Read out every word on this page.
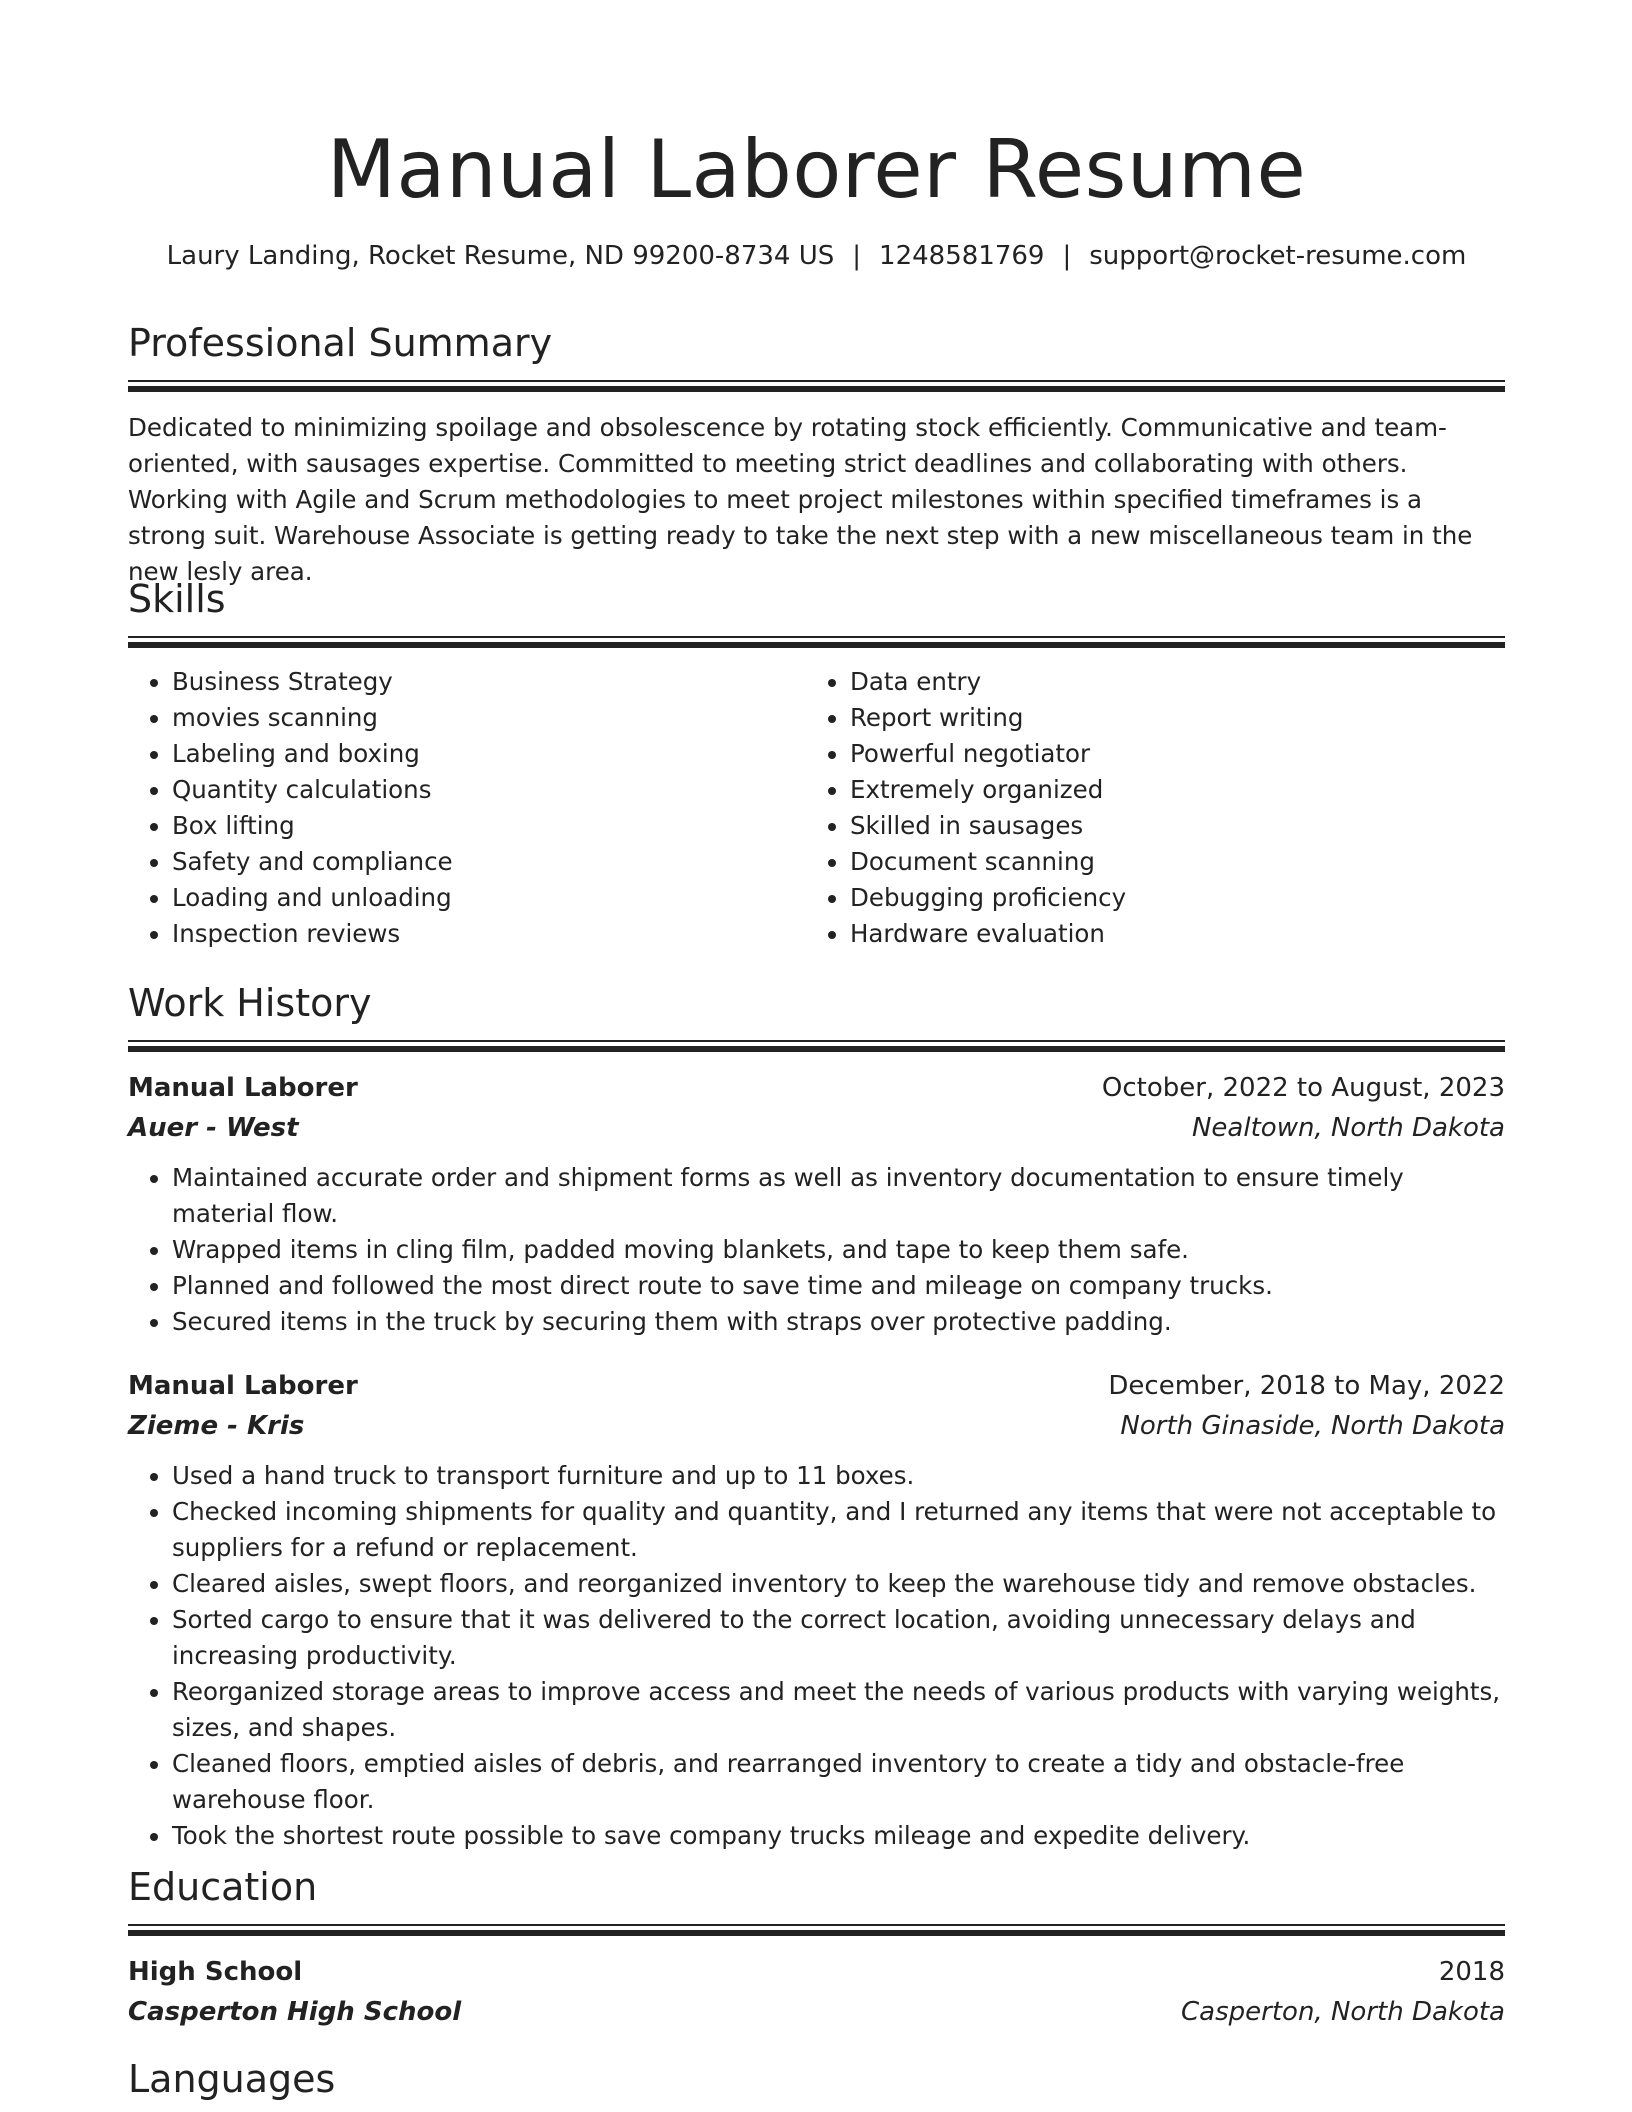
Manual Laborer Resume
Laury Landing, Rocket Resume, ND 99200-8734 US | 1248581769 | support@rocket-resume.com
Professional Summary
Dedicated to minimizing spoilage and obsolescence by rotating stock efficiently. Communicative and team-oriented, with sausages expertise. Committed to meeting strict deadlines and collaborating with others. Working with Agile and Scrum methodologies to meet project milestones within specified timeframes is a strong suit. Warehouse Associate is getting ready to take the next step with a new miscellaneous team in the new lesly area.
Skills
• Business Strategy
• movies scanning
• Labeling and boxing
• Quantity calculations
• Box lifting
• Safety and compliance
• Loading and unloading
• Inspection reviews
• Data entry
• Report writing
• Powerful negotiator
• Extremely organized
• Skilled in sausages
• Document scanning
• Debugging proficiency
• Hardware evaluation
Work History
Manual Laborer	October, 2022 to August, 2023
Auer - West	Nealtown, North Dakota
• Maintained accurate order and shipment forms as well as inventory documentation to ensure timely material flow.
• Wrapped items in cling film, padded moving blankets, and tape to keep them safe.
• Planned and followed the most direct route to save time and mileage on company trucks.
• Secured items in the truck by securing them with straps over protective padding.
Manual Laborer	December, 2018 to May, 2022
Zieme - Kris	North Ginaside, North Dakota
• Used a hand truck to transport furniture and up to 11 boxes.
• Checked incoming shipments for quality and quantity, and I returned any items that were not acceptable to suppliers for a refund or replacement.
• Cleared aisles, swept floors, and reorganized inventory to keep the warehouse tidy and remove obstacles.
• Sorted cargo to ensure that it was delivered to the correct location, avoiding unnecessary delays and increasing productivity.
• Reorganized storage areas to improve access and meet the needs of various products with varying weights, sizes, and shapes.
• Cleaned floors, emptied aisles of debris, and rearranged inventory to create a tidy and obstacle-free warehouse floor.
• Took the shortest route possible to save company trucks mileage and expedite delivery.
Education
High School	2018
Casperton High School	Casperton, North Dakota
Languages
